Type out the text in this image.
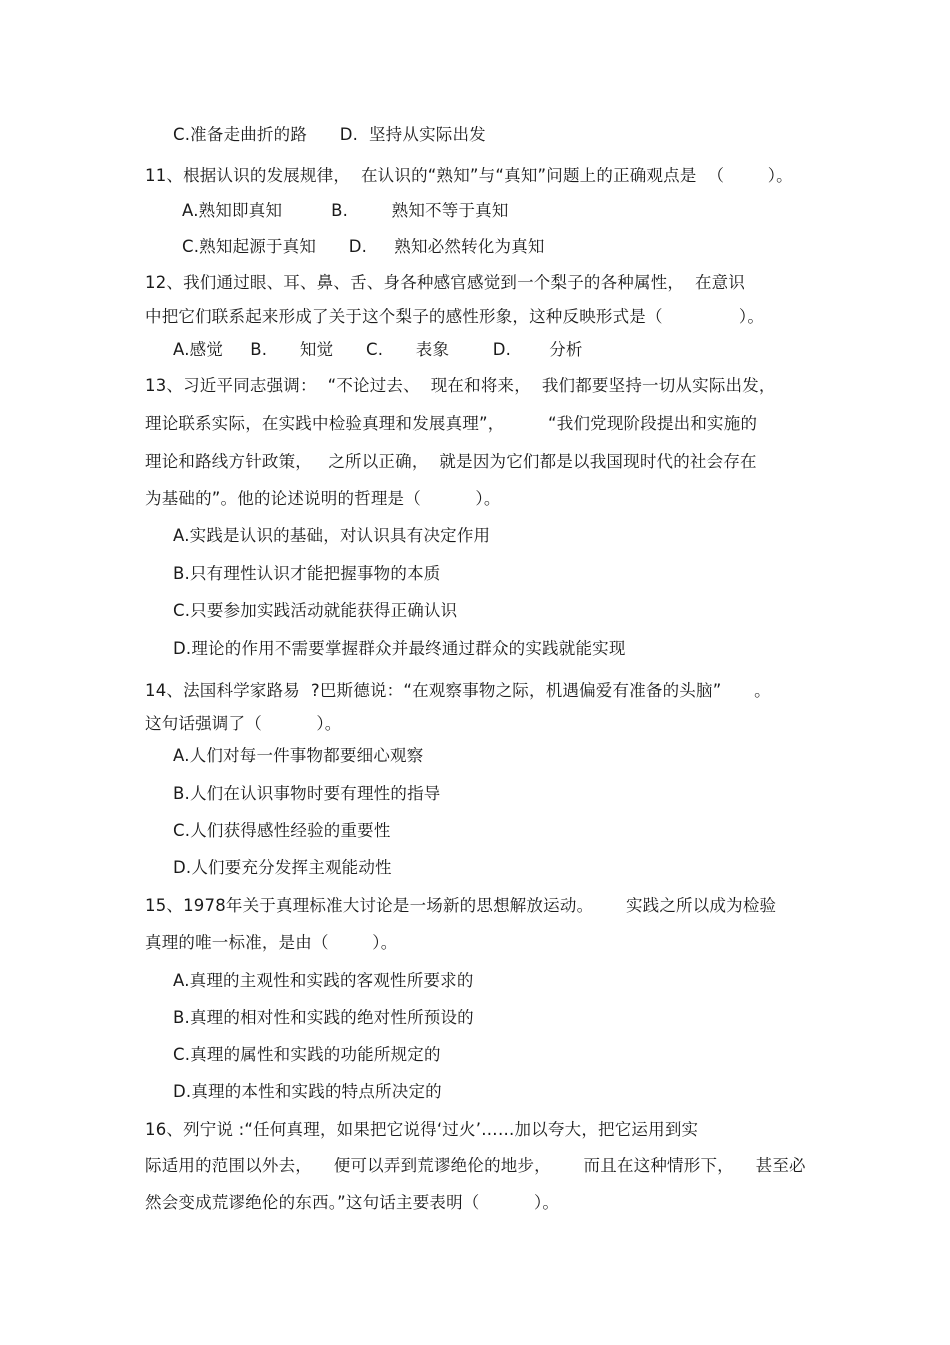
C.准备走曲折的路      D.  坚持从实际出发
11、根据认识的发展规律，  在认识的“熟知”与“真知”问题上的正确观点是  （        ）。
A.熟知即真知         B.        熟知不等于真知
C.熟知起源于真知      D.     熟知必然转化为真知
12、我们通过眼、耳、鼻、舌、身各种感官感觉到一个梨子的各种属性，  在意识
中把它们联系起来形成了关于这个梨子的感性形象，这种反映形式是（              ）。
A.感觉     B.      知觉      C.      表象        D.       分析
13、习近平同志强调：  “不论过去、  现在和将来，  我们都要坚持一切从实际出发，
理论联系实际，在实践中检验真理和发展真理”，        “我们党现阶段提出和实施的
理论和路线方针政策，   之所以正确，  就是因为它们都是以我国现时代的社会存在
为基础的”。他的论述说明的哲理是（          ）。
A.实践是认识的基础，对认识具有决定作用
B.只有理性认识才能把握事物的本质
C.只要参加实践活动就能获得正确认识
D.理论的作用不需要掌握群众并最终通过群众的实践就能实现
14、法国科学家路易  ?巴斯德说：“在观察事物之际，机遇偏爱有准备的头脑”      。
这句话强调了（          ）。
A.人们对每一件事物都要细心观察
B.人们在认识事物时要有理性的指导
C.人们获得感性经验的重要性
D.人们要充分发挥主观能动性
15、1978年关于真理标准大讨论是一场新的思想解放运动。      实践之所以成为检验
真理的唯一标准，是由（        ）。
A.真理的主观性和实践的客观性所要求的
B.真理的相对性和实践的绝对性所预设的
C.真理的属性和实践的功能所规定的
D.真理的本性和实践的特点所决定的
16、列宁说 :“任何真理，如果把它说得‘过火’……加以夸大，把它运用到实
际适用的范围以外去，    便可以弄到荒谬绝伦的地步，      而且在这种情形下，    甚至必
然会变成荒谬绝伦的东西。”这句话主要表明（          ）。
